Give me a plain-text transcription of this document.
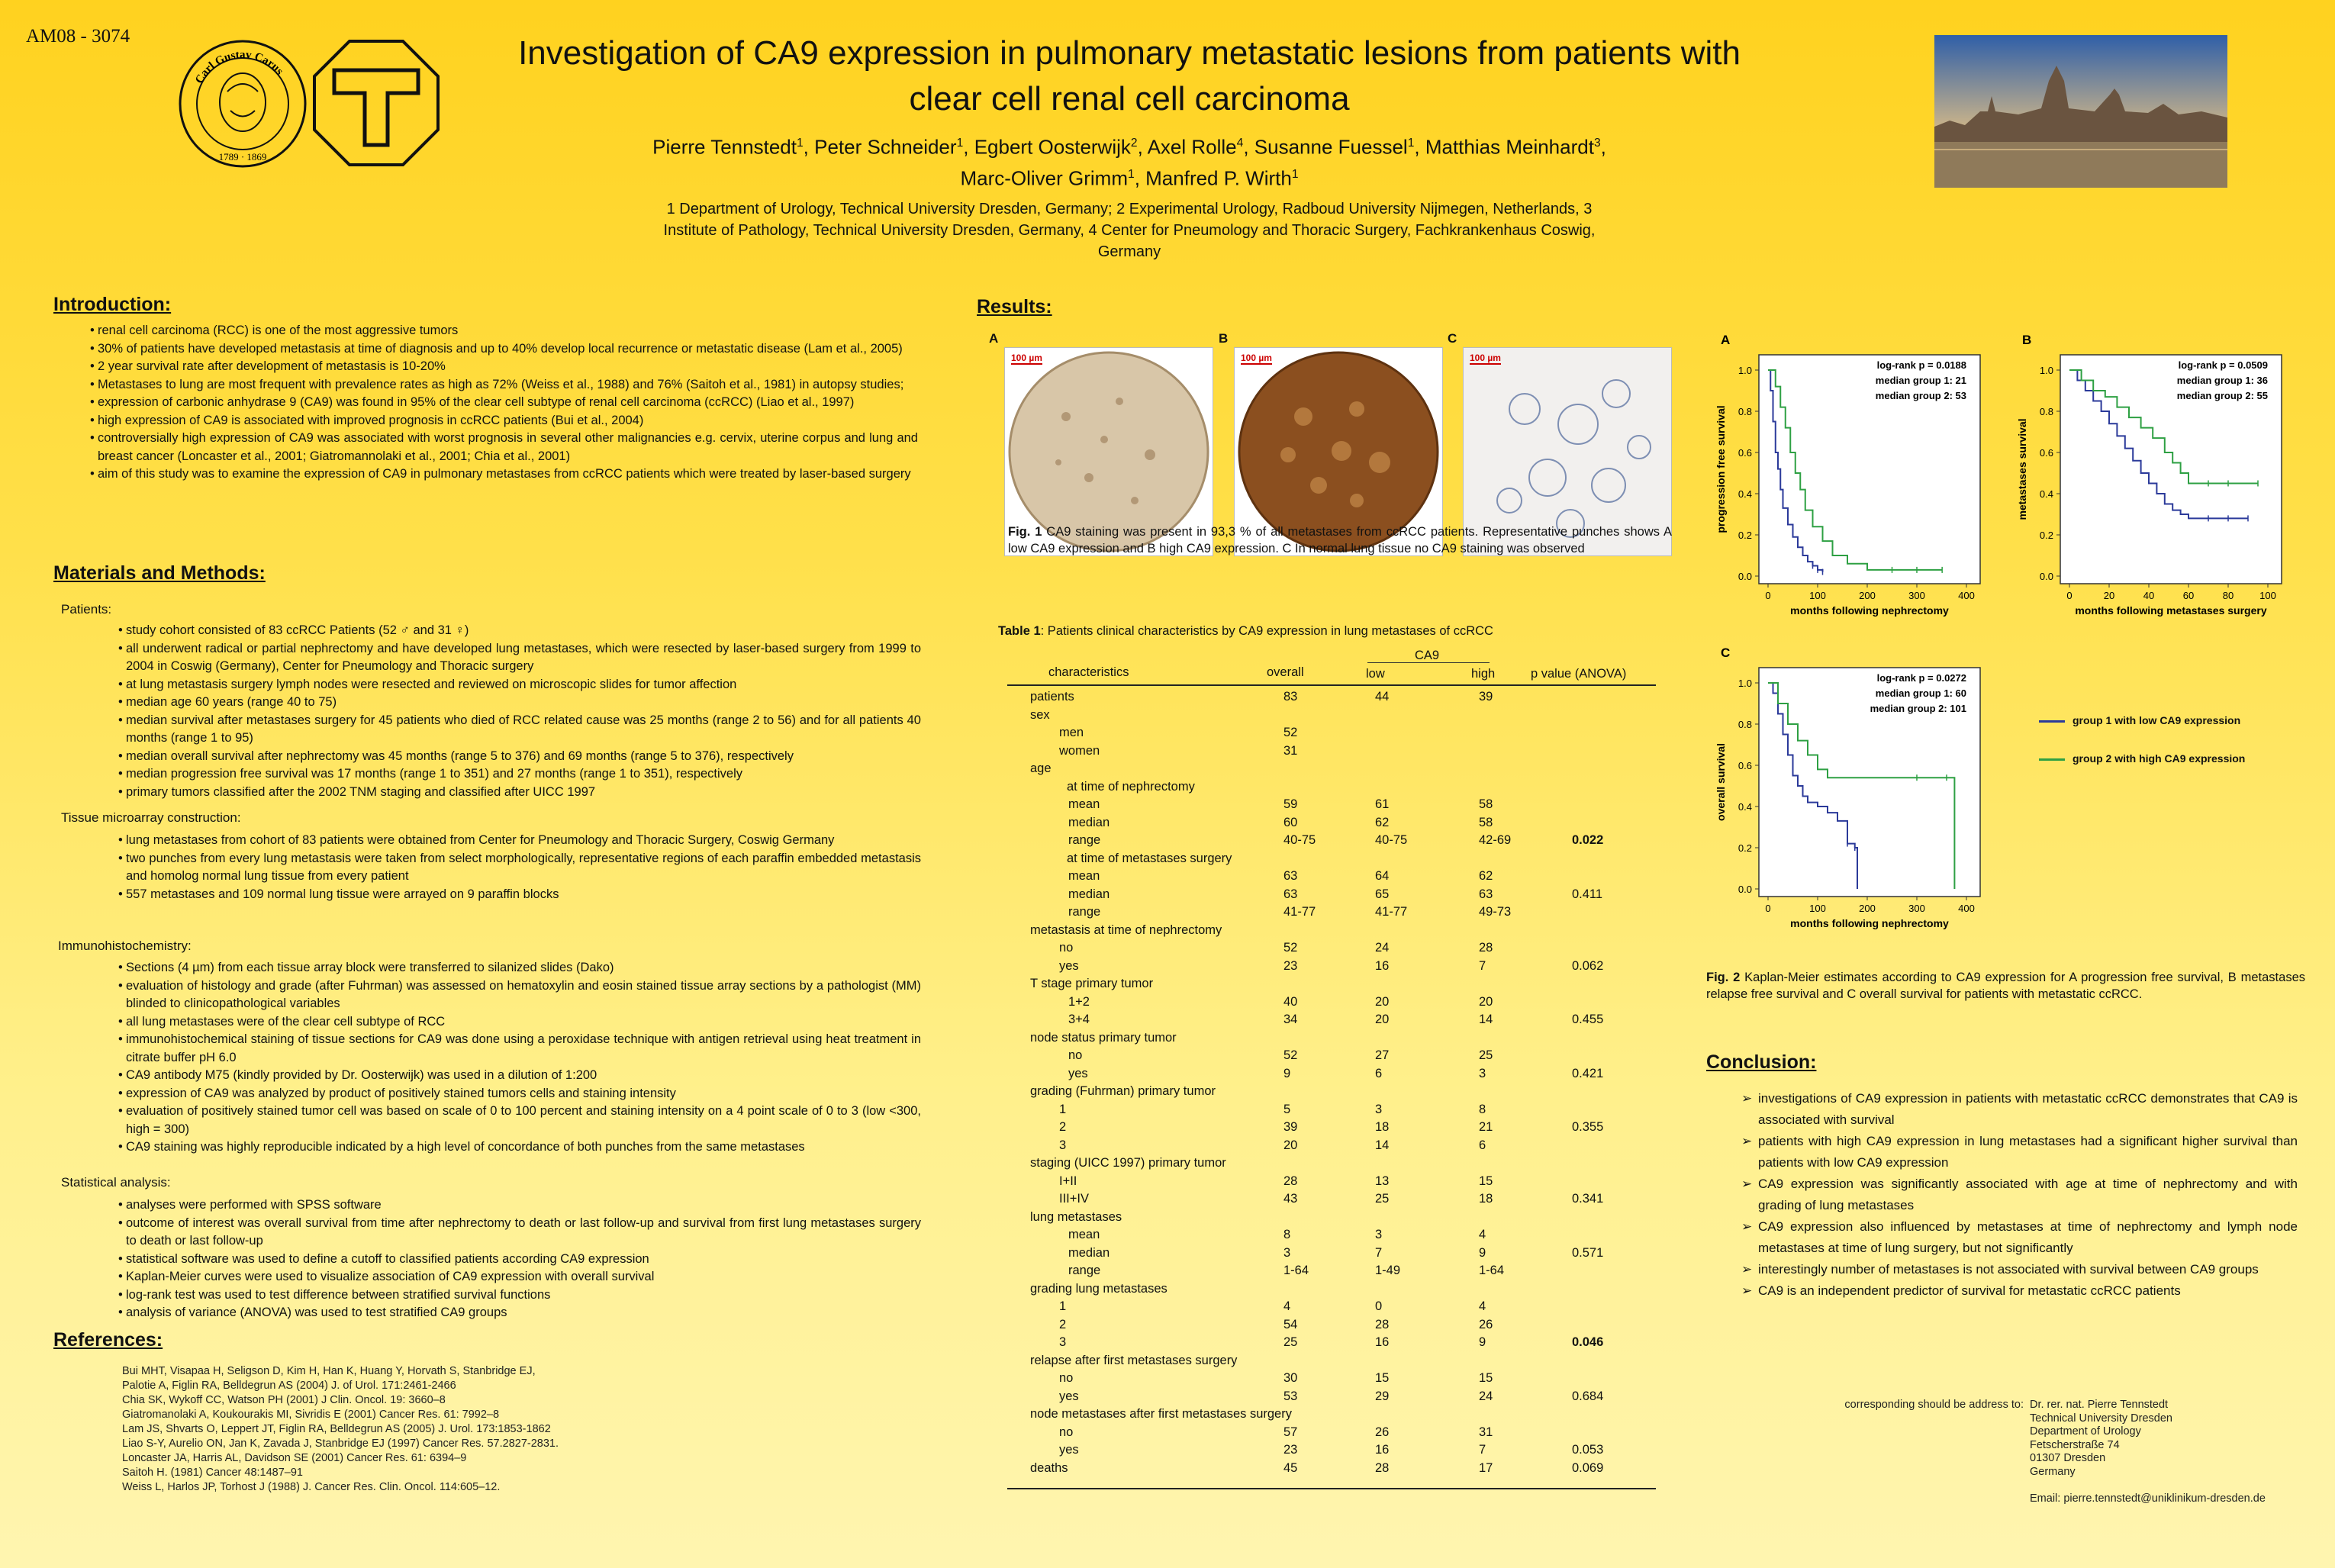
AM08 - 3074
Carl Gustav Carus
1789 · 1869
Investigation of CA9 expression in pulmonary metastatic lesions from patients with
clear cell renal cell carcinoma
Pierre Tennstedt$^1$, Peter Schneider$^1$, Egbert Oosterwijk$^2$, Axel Rolle$^4$, Susanne Fuessel$^1$, Matthias Meinhardt$^3$,
Marc-Oliver Grimm$^1$, Manfred P. Wirth$^1$
1 Department of Urology, Technical University Dresden, Germany; 2 Experimental Urology, Radboud University Nijmegen, Netherlands, 3 Institute of Pathology, Technical University Dresden, Germany, 4 Center for Pneumology and Thoracic Surgery, Fachkrankenhaus Coswig, Germany
Introduction:
• renal cell carcinoma (RCC) is one of the most aggressive tumors
• 30% of patients have developed metastasis at time of diagnosis and up to 40% develop local recurrence or metastatic disease (Lam et al., 2005)
• 2 year survival rate after development of metastasis is 10-20%
• Metastases to lung are most frequent with prevalence rates as high as 72% (Weiss et al., 1988) and 76% (Saitoh et al., 1981) in autopsy studies;
• expression of carbonic anhydrase 9 (CA9) was found in 95% of the clear cell subtype of renal cell carcinoma (ccRCC) (Liao et al., 1997)
• high expression of CA9 is associated with improved prognosis in ccRCC patients (Bui et al., 2004)
• controversially high expression of CA9 was associated with worst prognosis in several other malignancies e.g. cervix, uterine corpus and lung and breast cancer (Loncaster et al., 2001; Giatromannolaki et al., 2001; Chia et al., 2001)
• aim of this study was to examine the expression of CA9 in pulmonary metastases from ccRCC patients which were treated by laser-based surgery
Materials and Methods:
Patients:
• study cohort consisted of 83 ccRCC Patients (52 ♂ and 31 ♀)
• all underwent radical or partial nephrectomy and have developed lung metastases, which were resected by laser-based surgery from 1999 to 2004 in Coswig (Germany), Center for Pneumology and Thoracic surgery
• at lung metastasis surgery lymph nodes were resected and reviewed on microscopic slides for tumor affection
• median age 60 years (range 40 to 75)
• median survival after metastases surgery for 45 patients who died of RCC related cause was 25 months (range 2 to 56) and for all patients 40 months (range 1 to 95)
• median overall survival after nephrectomy was 45 months (range 5 to 376) and 69 months (range 5 to 376), respectively
• median progression free survival was 17 months (range 1 to 351) and 27 months (range 1 to 351), respectively
• primary tumors classified after the 2002 TNM staging and classified after UICC 1997
Tissue microarray construction:
• lung metastases from cohort of 83 patients were obtained from Center for Pneumology and Thoracic Surgery, Coswig Germany
• two punches from every lung metastasis were taken from select morphologically, representative regions of each paraffin embedded metastasis and homolog normal lung tissue from every patient
• 557 metastases and 109 normal lung tissue were arrayed on 9 paraffin blocks
Immunohistochemistry:
• Sections (4 µm) from each tissue array block were transferred to silanized slides (Dako)
• evaluation of histology and grade (after Fuhrman) was assessed on hematoxylin and eosin stained tissue array sections by a pathologist (MM) blinded to clinicopathological variables
• all lung metastases were of the clear cell subtype of RCC
• immunohistochemical staining of tissue sections for CA9 was done using a peroxidase technique with antigen retrieval using heat treatment in citrate buffer pH 6.0
• CA9 antibody M75 (kindly provided by Dr. Oosterwijk) was used in a dilution of 1:200
• expression of CA9 was analyzed by product of positively stained tumors cells and staining intensity
• evaluation of positively stained tumor cell was based on scale of 0 to 100 percent and staining intensity on a 4 point scale of 0 to 3 (low <300, high = 300)
• CA9 staining was highly reproducible indicated by a high level of concordance of both punches from the same metastases
Statistical analysis:
• analyses were performed with SPSS software
• outcome of interest was overall survival from time after nephrectomy to death or last follow-up and survival from first lung metastases surgery to death or last follow-up
• statistical software was used to define a cutoff to classified patients according CA9 expression
• Kaplan-Meier curves were used to visualize association of CA9 expression with overall survival
• log-rank test was used to test difference between stratified survival functions
• analysis of variance (ANOVA) was used to test stratified CA9 groups
References:
Bui MHT, Visapaa H, Seligson D, Kim H, Han K, Huang Y, Horvath S, Stanbridge EJ,
Palotie A, Figlin RA, Belldegrun AS (2004) J. of Urol. 171:2461-2466
Chia SK, Wykoff CC, Watson PH (2001) J Clin. Oncol. 19: 3660–8
Giatromanolaki A, Koukourakis MI, Sivridis E (2001) Cancer Res. 61: 7992–8
Lam JS, Shvarts O, Leppert JT, Figlin RA, Belldegrun AS (2005) J. Urol. 173:1853-1862
Liao S-Y, Aurelio ON, Jan K, Zavada J, Stanbridge EJ (1997) Cancer Res. 57.2827-2831.
Loncaster JA, Harris AL, Davidson SE (2001) Cancer Res. 61: 6394–9
Saitoh H. (1981) Cancer 48:1487–91
Weiss L, Harlos JP, Torhost J (1988) J. Cancer Res. Clin. Oncol. 114:605–12.
Results:
A	B	C
100 µm	100 µm	100 µm
Fig. 1 CA9 staining was present in 93,3 % of all metastases from ccRCC patients. Representative punches shows A low CA9 expression and B high CA9 expression. C In normal lung tissue no CA9 staining was observed
Table 1: Patients clinical characteristics by CA9 expression in lung metastases of ccRCC
characteristics	overall
CA9
low	high	p value (ANOVA)
patients	83	44	39
sex
men	52
women	31
age
at time of nephrectomy
mean	59	61	58
median	60	62	58
range	40-75	40-75	42-69	0.022
at time of metastases surgery
mean	63	64	62
median	63	65	63	0.411
range	41-77	41-77	49-73
metastasis at time of nephrectomy
no	52	24	28
yes	23	16	7	0.062
T stage primary tumor
1+2	40	20	20
3+4	34	20	14	0.455
node status primary tumor
no	52	27	25
yes	9	6	3	0.421
grading (Fuhrman) primary tumor
1	5	3	8
2	39	18	21	0.355
3	20	14	6
staging (UICC 1997) primary tumor
I+II	28	13	15
III+IV	43	25	18	0.341
lung metastases
mean	8	3	4
median	3	7	9	0.571
range	1-64	1-49	1-64
grading lung metastases
1	4	0	4
2	54	28	26
3	25	16	9	0.046
relapse after first metastases surgery
no	30	15	15
yes	53	29	24	0.684
node metastases after first metastases surgery
no	57	26	31
yes	23	16	7	0.053
deaths	45	28	17	0.069
A
0.0
0.2
0.4
0.6
0.8
1.0
0	100	200	300	400
months following nephrectomy
progression free survival
log-rank p = 0.0188
median group 1: 21
median group 2: 53
B
0.0
0.2
0.4
0.6
0.8
1.0
0	20	40	60	80	100
months following metastases surgery
metastases survival
log-rank p = 0.0509
median group 1: 36
median group 2: 55
C
0.0
0.2
0.4
0.6
0.8
1.0
0	100	200	300	400
months following nephrectomy
overall survival
log-rank p = 0.0272
median group 1: 60
median group 2: 101
group 1 with low CA9 expression
group 2 with high CA9 expression
Fig. 2 Kaplan-Meier estimates according to CA9 expression for A progression free survival, B metastases relapse free survival and C overall survival for patients with metastatic ccRCC.
Conclusion:
➢ investigations of CA9 expression in patients with metastatic ccRCC demonstrates that CA9 is associated with survival
➢ patients with high CA9 expression in lung metastases had a significant higher survival than patients with low CA9 expression
➢ CA9 expression was significantly associated with age at time of nephrectomy and with grading of lung metastases
➢ CA9 expression also influenced by metastases at time of nephrectomy and lymph node metastases at time of lung surgery, but not significantly
➢ interestingly number of metastases is not associated with survival between CA9 groups
➢ CA9 is an independent predictor of survival for metastatic ccRCC patients
corresponding should be address to: Dr. rer. nat. Pierre Tennstedt
Technical University Dresden
Department of Urology
Fetscherstraße 74
01307 Dresden
Germany
Email: pierre.tennstedt@uniklinikum-dresden.de
